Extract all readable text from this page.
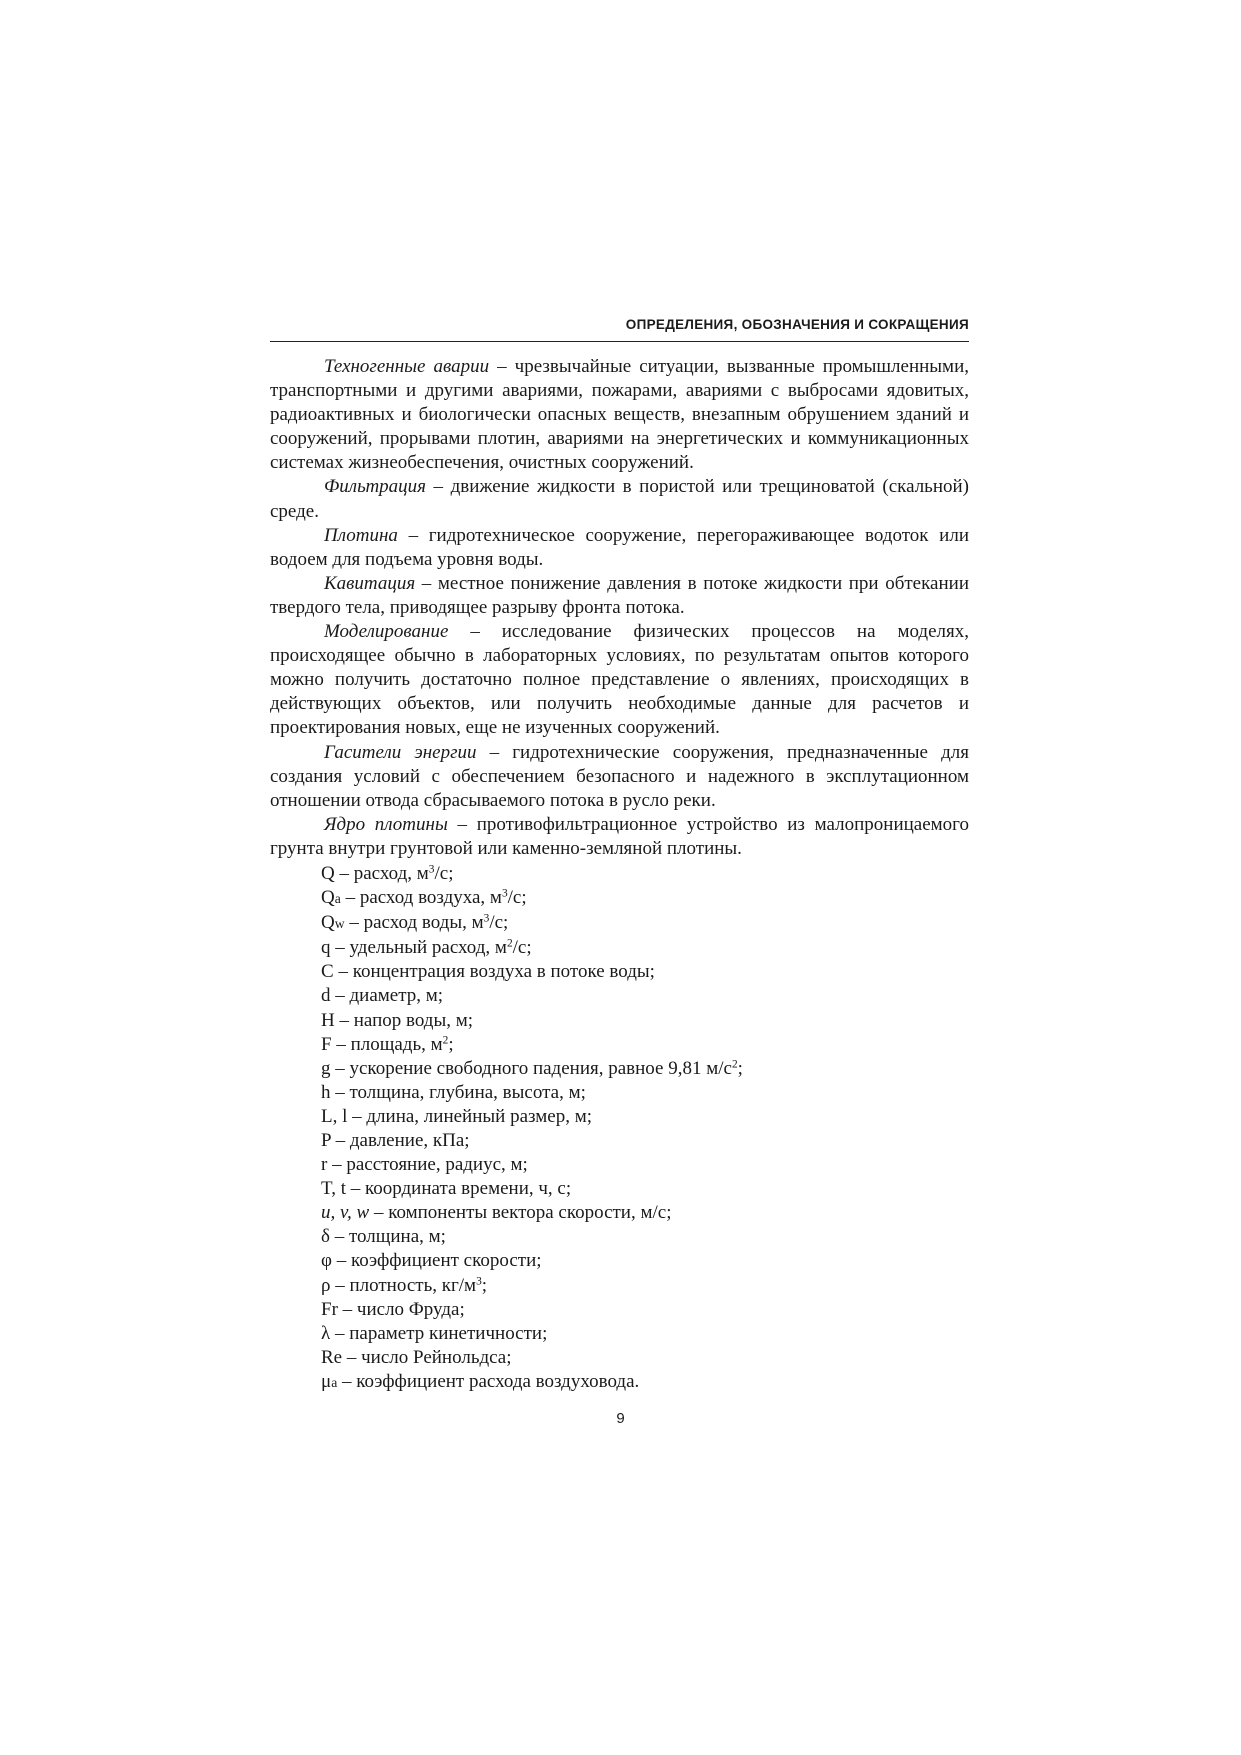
ОПРЕДЕЛЕНИЯ, ОБОЗНАЧЕНИЯ И СОКРАЩЕНИЯ

Техногенные аварии – чрезвычайные ситуации, вызванные промышленными, транспортными и другими авариями, пожарами, авариями с выбросами ядовитых, радиоактивных и биологически опасных веществ, внезапным обрушением зданий и сооружений, прорывами плотин, авариями на энергетических и коммуникационных системах жизнеобеспечения, очистных сооружений.

Фильтрация – движение жидкости в пористой или трещиноватой (скальной) среде.

Плотина – гидротехническое сооружение, перегораживающее водоток или водоем для подъема уровня воды.

Кавитация – местное понижение давления в потоке жидкости при обтекании твердого тела, приводящее разрыву фронта потока.

Моделирование – исследование физических процессов на моделях, происходящее обычно в лабораторных условиях, по результатам опытов которого можно получить достаточно полное представление о явлениях, происходящих в действующих объектов, или получить необходимые данные для расчетов и проектирования новых, еще не изученных сооружений.

Гасители энергии – гидротехнические сооружения, предназначенные для создания условий с обеспечением безопасного и надежного в эксплутационном отношении отвода сбрасываемого потока в русло реки.

Ядро плотины – противофильтрационное устройство из малопроницаемого грунта внутри грунтовой или каменно-земляной плотины.

Q – расход, $м^3/с$;
Qa – расход воздуха, $м^3/с$;
Qw – расход воды, $м^3/с$;
q – удельный расход, $м^2/с$;
C – концентрация воздуха в потоке воды;
d – диаметр, м;
H – напор воды, м;
F – площадь, $м^2$;
g – ускорение свободного падения, равное 9,81 $м/с^2$;
h – толщина, глубина, высота, м;
L, l – длина, линейный размер, м;
P – давление, кПа;
r – расстояние, радиус, м;
T, t – координата времени, ч, с;
u, v, w – компоненты вектора скорости, м/с;
δ – толщина, м;
φ – коэффициент скорости;
ρ – плотность, $кг/м^3$;
Fr – число Фруда;
λ – параметр кинетичности;
Re – число Рейнольдса;
μa – коэффициент расхода воздуховода.
9
